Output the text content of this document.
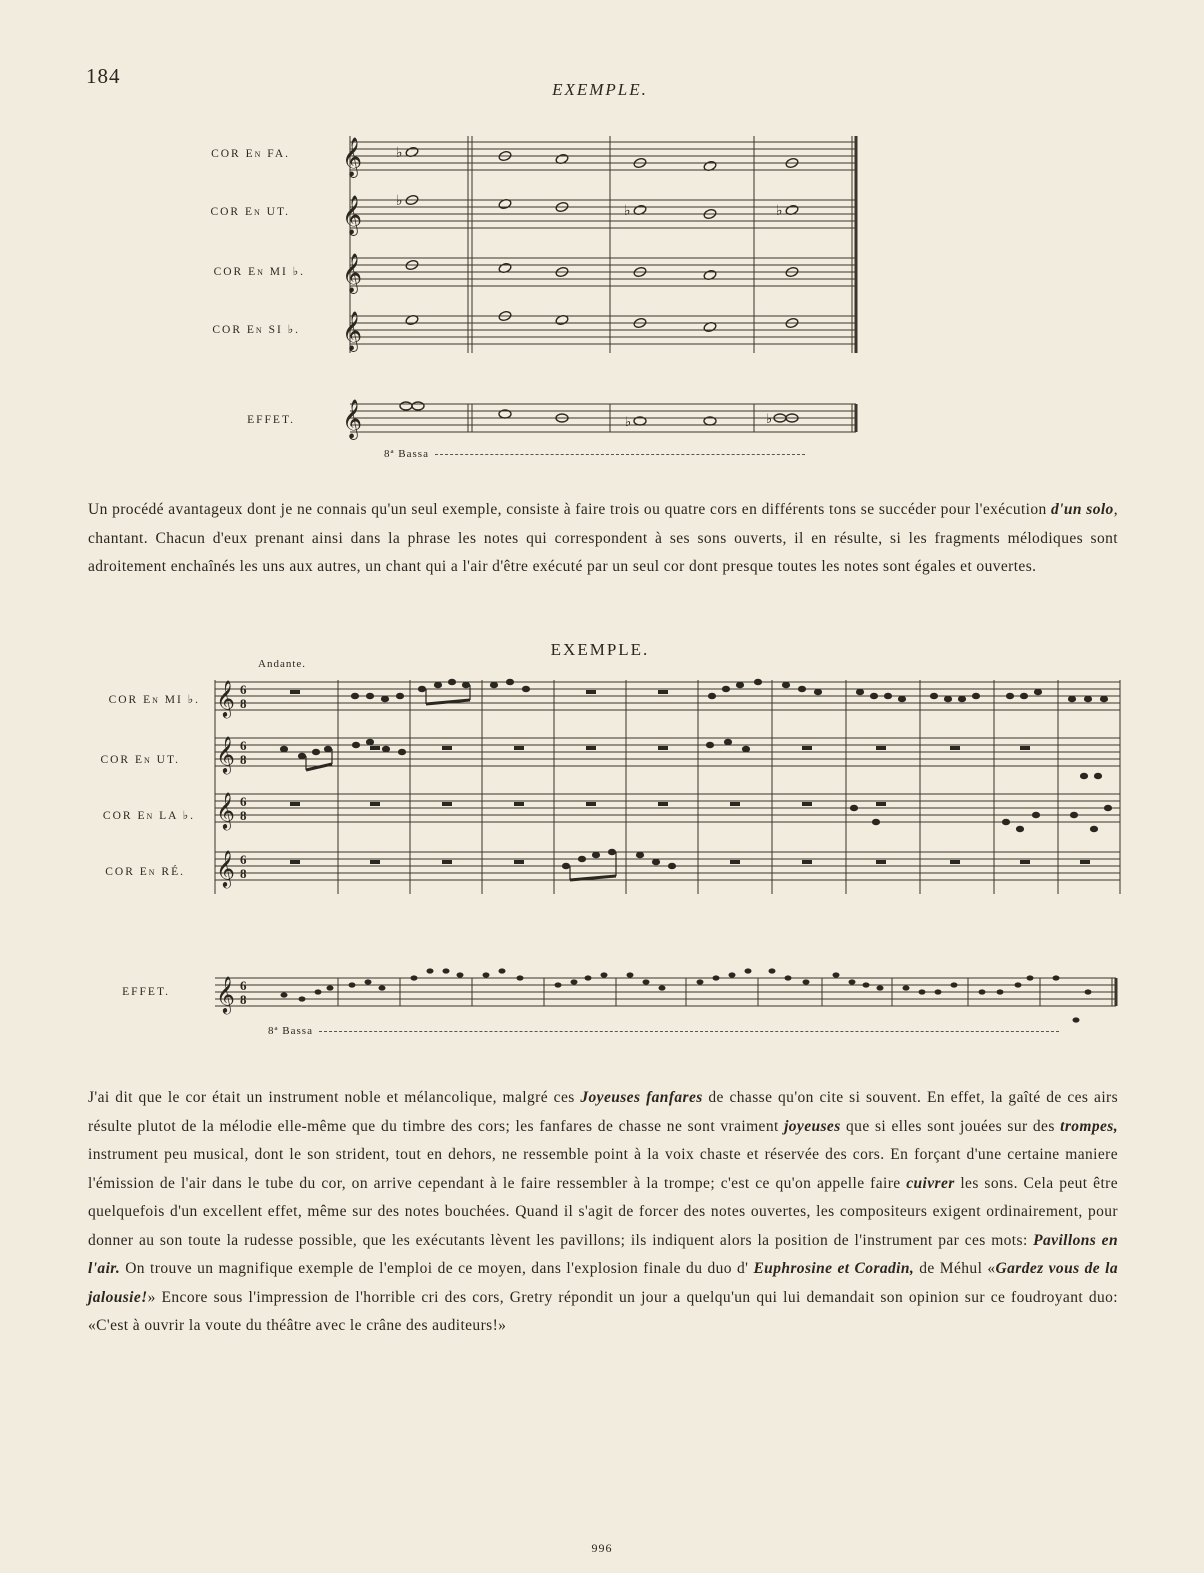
184
EXEMPLE.
COR En FA.
COR En UT.
COR En MI ♭.
COR En SI ♭.
𝄞
𝄞
𝄞
𝄞
♭
♭
♭	♭
EFFET. 𝄞	♭	♭
8ª Bassa

Un procédé avantageux dont je ne connais qu'un seul exemple, consiste à faire trois ou quatre cors en différents tons se succéder pour l'exécution d'un solo, chantant. Chacun d'eux prenant ainsi dans la phrase les notes qui correspondent à ses sons ouverts, il en résulte, si les fragments mélodiques sont adroitement enchaînés les uns aux autres, un chant qui a l'air d'être exécuté par un seul cor dont presque toutes les notes sont égales et ouvertes.

EXEMPLE.
Andante.
COR En MI ♭.
COR En UT.
COR En LA ♭.
COR En RÉ.
𝄞
𝄞
𝄞
𝄞
6
8
6
8
6
8
6
8
EFFET. 𝄞 6
8
8ª Bassa

J'ai dit que le cor était un instrument noble et mélancolique, malgré ces Joyeuses fanfares de chasse qu'on cite si souvent. En effet, la gaîté de ces airs résulte plutot de la mélodie elle-même que du timbre des cors; les fanfares de chasse ne sont vraiment joyeuses que si elles sont jouées sur des trompes, instrument peu musical, dont le son strident, tout en dehors, ne ressemble point à la voix chaste et réservée des cors. En forçant d'une certaine maniere l'émission de l'air dans le tube du cor, on arrive cependant à le faire ressembler à la trompe; c'est ce qu'on appelle faire cuivrer les sons. Cela peut être quelquefois d'un excellent effet, même sur des notes bouchées. Quand il s'agit de forcer des notes ouvertes, les compositeurs exigent ordinairement, pour donner au son toute la rudesse possible, que les exécutants lèvent les pavillons; ils indiquent alors la position de l'instrument par ces mots: Pavillons en l'air. On trouve un magnifique exemple de l'emploi de ce moyen, dans l'explosion finale du duo d' Euphrosine et Coradin, de Méhul «Gardez vous de la jalousie!» Encore sous l'impression de l'horrible cri des cors, Gretry répondit un jour a quelqu'un qui lui demandait son opinion sur ce foudroyant duo: «C'est à ouvrir la voute du théâtre avec le crâne des auditeurs!»

996
